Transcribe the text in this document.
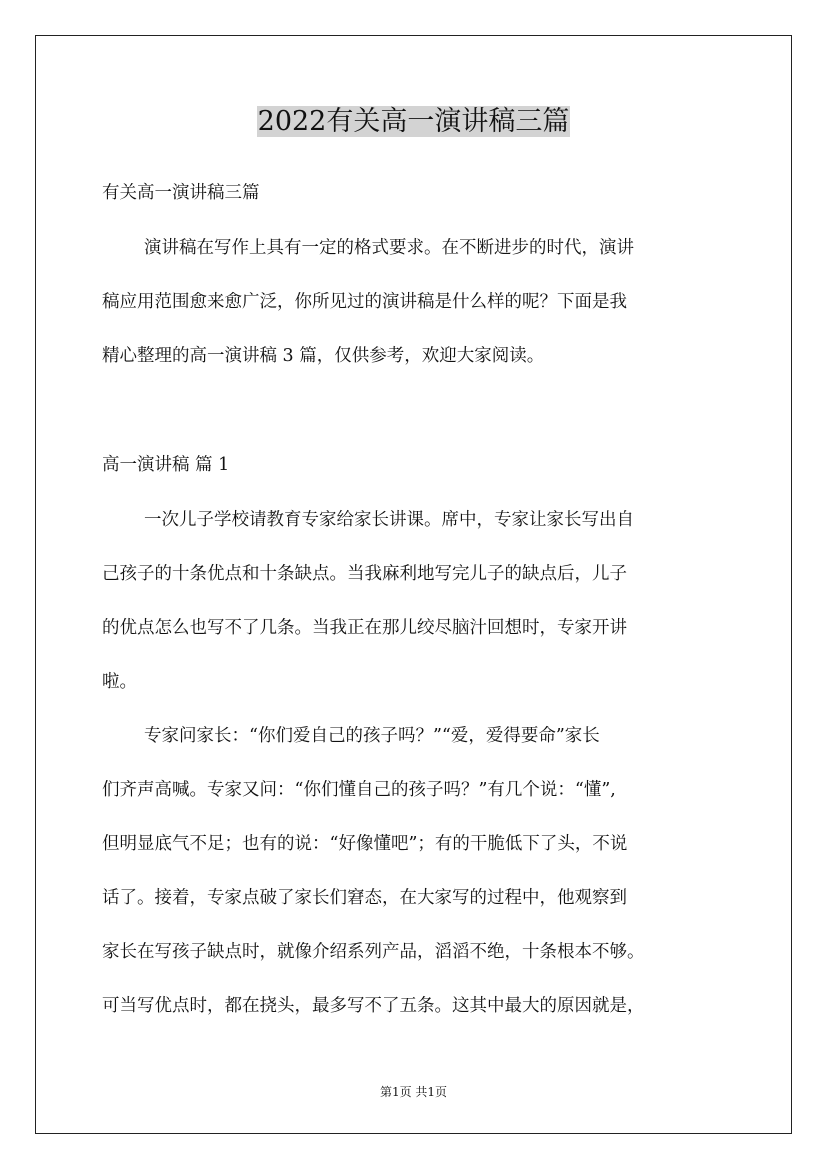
2022有关高一演讲稿三篇

有关高一演讲稿三篇

演讲稿在写作上具有一定的格式要求。在不断进步的时代，演讲

稿应用范围愈来愈广泛，你所见过的演讲稿是什么样的呢？下面是我

精心整理的高一演讲稿 3 篇，仅供参考，欢迎大家阅读。

高一演讲稿 篇 1

一次儿子学校请教育专家给家长讲课。席中，专家让家长写出自

己孩子的十条优点和十条缺点。当我麻利地写完儿子的缺点后，儿子

的优点怎么也写不了几条。当我正在那儿绞尽脑汁回想时，专家开讲

啦。

专家问家长：“你们爱自己的孩子吗？”“爱，爱得要命”家长

们齐声高喊。专家又问：“你们懂自己的孩子吗？”有几个说：“懂”,

但明显底气不足；也有的说：“好像懂吧”；有的干脆低下了头，不说

话了。接着，专家点破了家长们窘态，在大家写的过程中，他观察到

家长在写孩子缺点时，就像介绍系列产品，滔滔不绝，十条根本不够。

可当写优点时，都在挠头，最多写不了五条。这其中最大的原因就是，

第1页 共1页
